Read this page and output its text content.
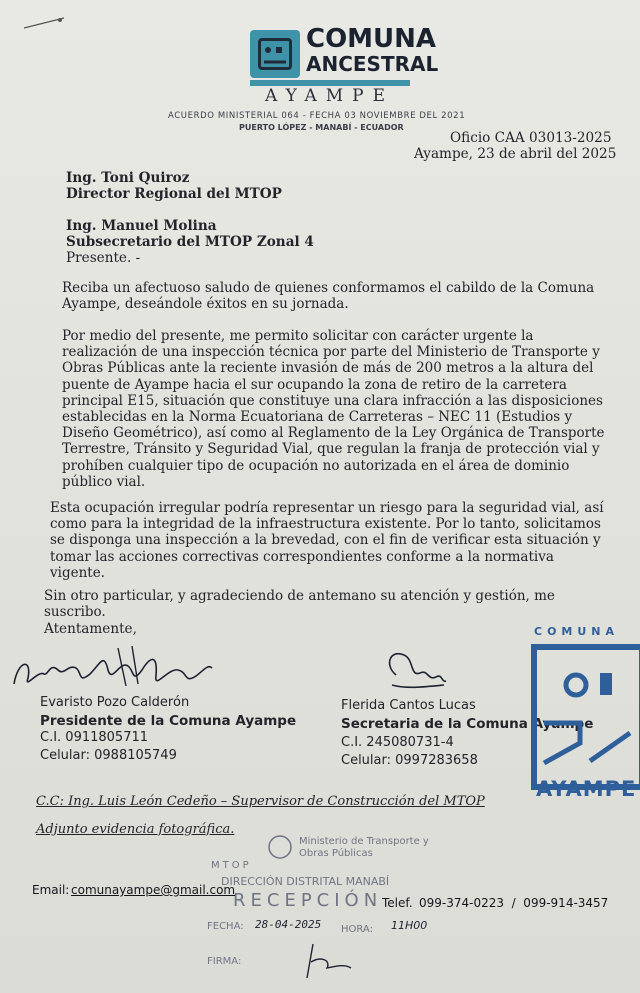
COMUNA
ANCESTRAL
AYAMPE
ACUERDO MINISTERIAL 064 - FECHA 03 NOVIEMBRE DEL 2021
PUERTO LÓPEZ - MANABÍ - ECUADOR
Oficio CAA 03013-2025
Ayampe, 23 de abril del 2025
Ing. Toni Quiroz
Director Regional del MTOP
Ing. Manuel Molina
Subsecretario del MTOP Zonal 4
Presente. -

Reciba un afectuoso saludo de quienes conformamos el cabildo de la Comuna Ayampe, deseándole éxitos en su jornada.

Por medio del presente, me permito solicitar con carácter urgente la realización de una inspección técnica por parte del Ministerio de Transporte y Obras Públicas ante la reciente invasión de más de 200 metros a la altura del puente de Ayampe hacia el sur ocupando la zona de retiro de la carretera principal E15, situación que constituye una clara infracción a las disposiciones establecidas en la Norma Ecuatoriana de Carreteras – NEC 11 (Estudios y Diseño Geométrico), así como al Reglamento de la Ley Orgánica de Transporte Terrestre, Tránsito y Seguridad Vial, que regulan la franja de protección vial y prohíben cualquier tipo de ocupación no autorizada en el área de dominio público vial.

Esta ocupación irregular podría representar un riesgo para la seguridad vial, así como para la integridad de la infraestructura existente. Por lo tanto, solicitamos se disponga una inspección a la brevedad, con el fin de verificar esta situación y tomar las acciones correctivas correspondientes conforme a la normativa vigente.

Sin otro particular, y agradeciendo de antemano su atención y gestión, me suscribo.

Atentamente,
Evaristo Pozo Calderón
Presidente de la Comuna Ayampe
C.I. 0911805711
Celular: 0988105749
Flerida Cantos Lucas
Secretaria de la Comuna Ayampe
C.I. 245080731-4
Celular: 0997283658
COMUNA
AYAMPE
C.C: Ing. Luis León Cedeño – Supervisor de Construcción del MTOP
Adjunto evidencia fotográfica.
MTOP
Ministerio de Transporte y Obras Públicas
DIRECCIÓN DISTRITAL MANABÍ
RECEPCIÓN
FECHA: 28-04-2025 HORA: 11H00
FIRMA:
Email: comunayampe@gmail.com
Telef. 099-374-0223  /  099-914-3457
